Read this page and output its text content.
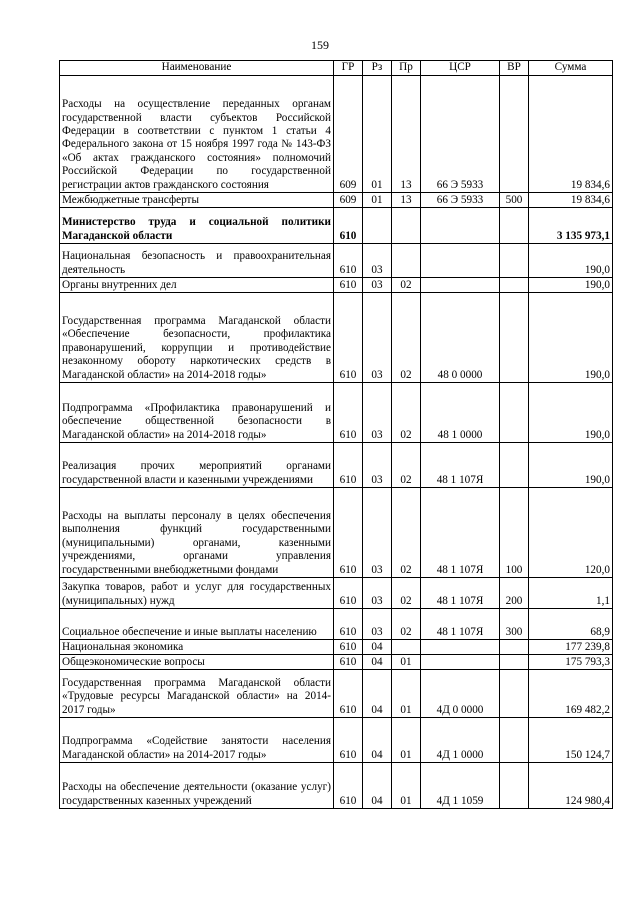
159
Наименование	ГР	Рз	Пр	ЦСР	ВР	Сумма
Расходы на осуществление переданных органам государственной власти субъектов Российской Федерации в соответствии с пунктом 1 статьи 4 Федерального закона от 15 ноября 1997 года № 143-ФЗ «Об актах гражданского состояния» полномочий Российской Федерации по государственной регистрации актов гражданского состояния	609	01	13	66 Э 5933		19 834,6
Межбюджетные трансферты	609	01	13	66 Э 5933	500	19 834,6
Министерство труда и социальной политики Магаданской области	610					3 135 973,1
Национальная безопасность и правоохранительная деятельность	610	03				190,0
Органы внутренних дел	610	03	02			190,0
Государственная программа Магаданской области «Обеспечение безопасности, профилактика правонарушений, коррупции и противодействие незаконному обороту наркотических средств в Магаданской области» на 2014-2018 годы»	610	03	02	48 0 0000		190,0
Подпрограмма «Профилактика правонарушений и обеспечение общественной безопасности в Магаданской области» на 2014-2018 годы»	610	03	02	48 1 0000		190,0
Реализация прочих мероприятий органами государственной власти и казенными учреждениями	610	03	02	48 1 107Я		190,0
Расходы на выплаты персоналу в целях обеспечения выполнения функций государственными (муниципальными) органами, казенными учреждениями, органами управления государственными внебюджетными фондами	610	03	02	48 1 107Я	100	120,0
Закупка товаров, работ и услуг для государственных (муниципальных) нужд	610	03	02	48 1 107Я	200	1,1
Социальное обеспечение и иные выплаты населению	610	03	02	48 1 107Я	300	68,9
Национальная экономика	610	04				177 239,8
Общеэкономические вопросы	610	04	01			175 793,3
Государственная программа Магаданской области «Трудовые ресурсы Магаданской области» на 2014-2017 годы»	610	04	01	4Д 0 0000		169 482,2
Подпрограмма «Содействие занятости населения Магаданской области» на 2014-2017 годы»	610	04	01	4Д 1 0000		150 124,7
Расходы на обеспечение деятельности (оказание услуг) государственных казенных учреждений	610	04	01	4Д 1 1059		124 980,4
